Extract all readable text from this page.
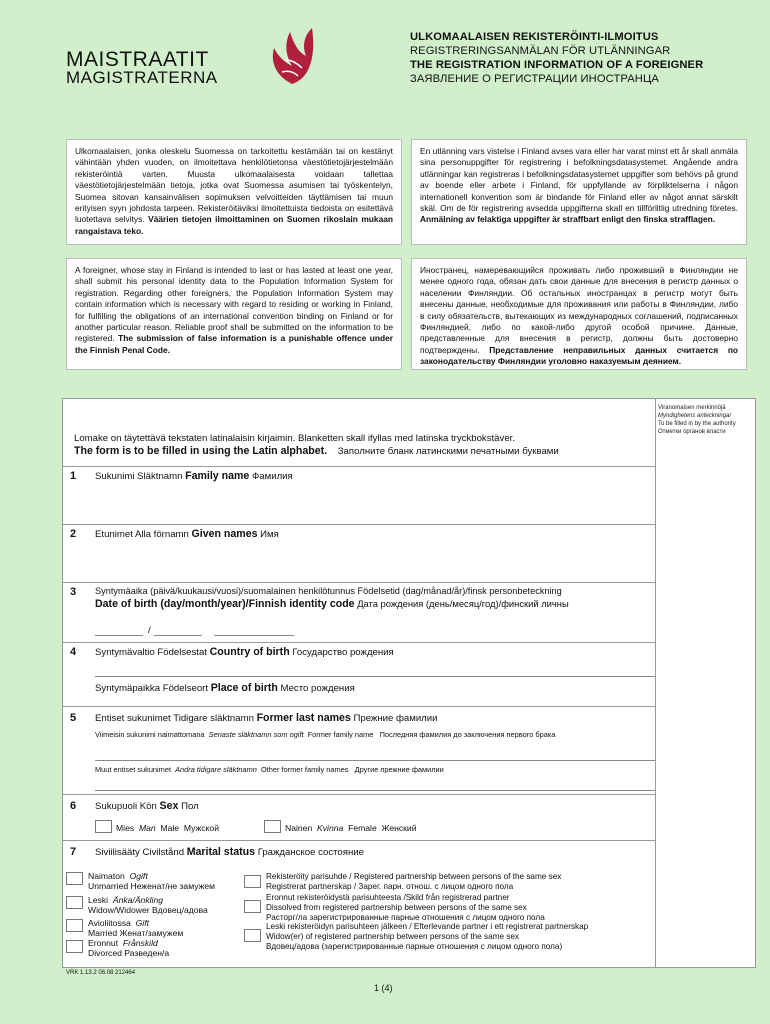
MAISTRAATIT
MAGISTRATERNA
ULKOMAALAISEN REKISTERÖINTI-ILMOITUS
REGISTRERINGSANMÄLAN FÖR UTLÄNNINGAR
THE REGISTRATION INFORMATION OF A FOREIGNER
ЗАЯВЛЕНИЕ О РЕГИСТРАЦИИ ИНОСТРАНЦА
Ulkomaalaisen, jonka oleskelu Suomessa on tarkoitettu kestämään tai on kestänyt vähintään yhden vuoden, on ilmoitettava henkilötietonsa väestötietojärjestelmään rekisteröintiä varten. Muusta ulkomaalaisesta voidaan tallettaa väestötietojärjestelmään tietoja, jotka ovat Suomessa asumisen tai työskentelyn, Suomea sitovan kansainvälisen sopimuksen velvoitteiden täyttämisen tai muun erityisen syyn johdosta tarpeen. Rekisteröitäviksi ilmoitettuista tiedoista on esitettävä luotettava selvitys. Väärien tietojen ilmoittaminen on Suomen rikoslain mukaan rangaistava teko.
En utlänning vars vistelse i Finland avses vara eller har varat minst ett år skall anmäla sina personuppgifter för registrering i befolkningsdatasystemet. Angående andra utlänningar kan registreras i befolkningsdatasystemet uppgifter som behövs på grund av boende eller arbete i Finland, för uppfyllande av förpliktelserna i någon internationell konvention som är bindande för Finland eller av något annat särskilt skäl. Om de för registrering avsedda uppgifterna skall en tillförlitlig utredning företes. Anmälning av felaktiga uppgifter är straffbart enligt den finska strafflagen.
A foreigner, whose stay in Finland is intended to last or has lasted at least one year, shall submit his personal identity data to the Population Information System for registration. Regarding other foreigners, the Population Information System may contain information which is necessary with regard to residing or working in Finland, for fulfilling the obligations of an international convention binding on Finland or for another particular reason. Reliable proof shall be submitted on the information to be registered. The submission of false information is a punishable offence under the Finnish Penal Code.
Иностранец, намеревающийся проживать либо проживший в Финляндии не менее одного года, обязан дать свои данные для внесения в регистр данных о населении Финляндии. Об остальных иностранцах в регистр могут быть внесены данные, необходимые для проживания или работы в Финляндии, либо в силу обязательств, вытекающих из международных соглашений, подписанных Финляндией, либо по какой-либо другой особой причине. Данные, представленные для внесения в регистр, должны быть достоверно подтверждены. Представление неправильных данных считается по законодательству Финляндии уголовно наказуемым деянием.
Viranomaisen merkinnöjä
Myndighetens anteckningar
To be filled in by the authority
Отметки органов власти
Lomake on täytettävä tekstaten latinalaisin kirjaimin. Blanketten skall ifyllas med latinska tryckbokstäver.
The form is to be filled in using the Latin alphabet. Заполните бланк латинскими печатными буквами
1 Sukunimi Släktnamn Family name Фамилия
2 Etunimet Alla förnamn Given names Имя
3 Syntymäaika (päivä/kuukausi/vuosi)/suomalainen henkilötunnus Födelsetid (dag/månad/år)/finsk personbeteckning
Date of birth (day/month/year)/Finnish identity code Дата рождения (день/месяц/год)/финский личны
/
4 Syntymävaltio Födelsestat Country of birth Государство рождения
Syntymäpaikka Födelseort Place of birth Место рождения
5 Entiset sukunimet Tidigare släktnamn Former last names Прежние фамилии
Viimeisin sukunimi naimattomana Senaste släktnamn som ogift Former family name Последняя фамилия до заключения первого брака
Muut entiset sukunimet Andra tidigare släktnamn Other former family names Другие прежние фамилии
6 Sukupuoli Kön Sex Пол
Mies Man Male Мужской	Nainen Kvinna Female Женский
7 Siviilisääty Civilstånd Marital status Гражданское состояние
Naimaton Ogift
Unmarried Неженат/не замужем
Leski Änka/Änkling
Widow/Widower Вдовец/адова
Avioliitossa Gift
Married Женат/замужем
Eronnut Frånskild
Divorced Разведен/а
Rekisteröity parisuhde / Registered partnership between persons of the same sex
Registrerat partnerskap / Зарег. парн. отнош. с лицом одного пола
Eronnut rekisteröidystä parisuhteesta /Skild från registrerad partner
Dissolved from registered partnership between persons of the same sex
Расторг/ла зарегистрированные парные отношения с лицом одного пола
Leski rekisteröidyn parisuhteen jälkeen / Efterlevande partner i ett registrerat partnerskap
Widow(er) of registered partnership between persons of the same sex
Вдовец/адова (зарегистрированные парные отношения с лицом одного пола)
VRK 1.13.2 06.08 212464
1 (4)
